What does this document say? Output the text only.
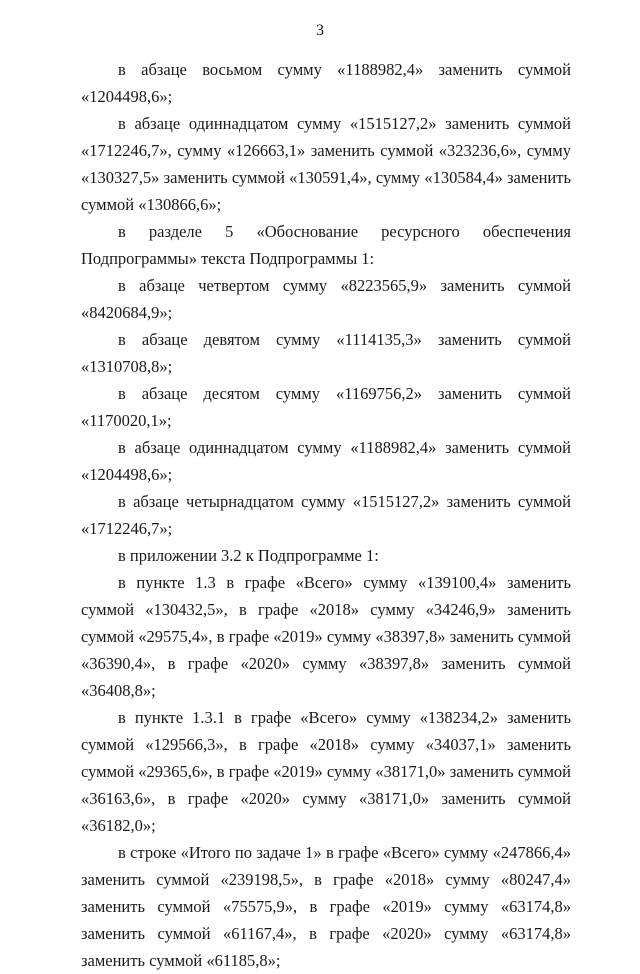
3

в абзаце восьмом сумму «1188982,4» заменить суммой «1204498,6»;

в абзаце одиннадцатом сумму «1515127,2» заменить суммой «1712246,7», сумму «126663,1» заменить суммой «323236,6», сумму «130327,5» заменить суммой «130591,4», сумму «130584,4» заменить суммой «130866,6»;

в разделе 5 «Обоснование ресурсного обеспечения Подпрограммы» текста Подпрограммы 1:

в абзаце четвертом сумму «8223565,9» заменить суммой «8420684,9»;

в абзаце девятом сумму «1114135,3» заменить суммой «1310708,8»;

в абзаце десятом сумму «1169756,2» заменить суммой «1170020,1»;

в абзаце одиннадцатом сумму «1188982,4» заменить суммой «1204498,6»;

в абзаце четырнадцатом сумму «1515127,2» заменить суммой «1712246,7»;

в приложении 3.2 к Подпрограмме 1:

в пункте 1.3 в графе «Всего» сумму «139100,4» заменить суммой «130432,5», в графе «2018» сумму «34246,9» заменить суммой «29575,4», в графе «2019» сумму «38397,8» заменить суммой «36390,4», в графе «2020» сумму «38397,8» заменить суммой «36408,8»;

в пункте 1.3.1 в графе «Всего» сумму «138234,2» заменить суммой «129566,3», в графе «2018» сумму «34037,1» заменить суммой «29365,6», в графе «2019» сумму «38171,0» заменить суммой «36163,6», в графе «2020» сумму «38171,0» заменить суммой «36182,0»;

в строке «Итого по задаче 1» в графе «Всего» сумму «247866,4» заменить суммой «239198,5», в графе «2018» сумму «80247,4» заменить суммой «75575,9», в графе «2019» сумму «63174,8» заменить суммой «61167,4», в графе «2020» сумму «63174,8» заменить суммой «61185,8»;
